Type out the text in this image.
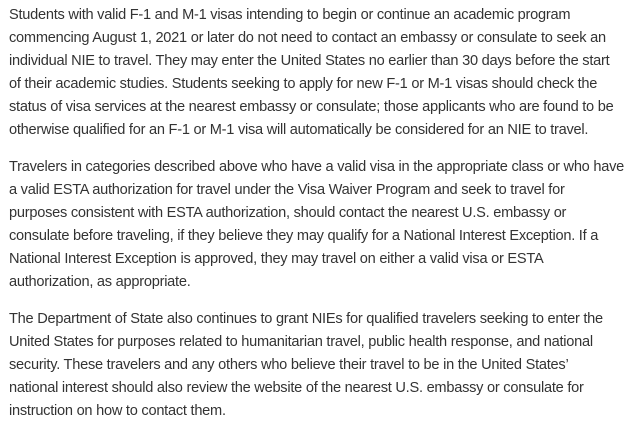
Students with valid F-1 and M-1 visas intending to begin or continue an academic program
commencing August 1, 2021 or later do not need to contact an embassy or consulate to seek an
individual NIE to travel. They may enter the United States no earlier than 30 days before the start
of their academic studies. Students seeking to apply for new F-1 or M-1 visas should check the
status of visa services at the nearest embassy or consulate; those applicants who are found to be
otherwise qualified for an F-1 or M-1 visa will automatically be considered for an NIE to travel.

Travelers in categories described above who have a valid visa in the appropriate class or who have
a valid ESTA authorization for travel under the Visa Waiver Program and seek to travel for
purposes consistent with ESTA authorization, should contact the nearest U.S. embassy or
consulate before traveling, if they believe they may qualify for a National Interest Exception. If a
National Interest Exception is approved, they may travel on either a valid visa or ESTA
authorization, as appropriate.

The Department of State also continues to grant NIEs for qualified travelers seeking to enter the
United States for purposes related to humanitarian travel, public health response, and national
security. These travelers and any others who believe their travel to be in the United States’
national interest should also review the website of the nearest U.S. embassy or consulate for
instruction on how to contact them.
